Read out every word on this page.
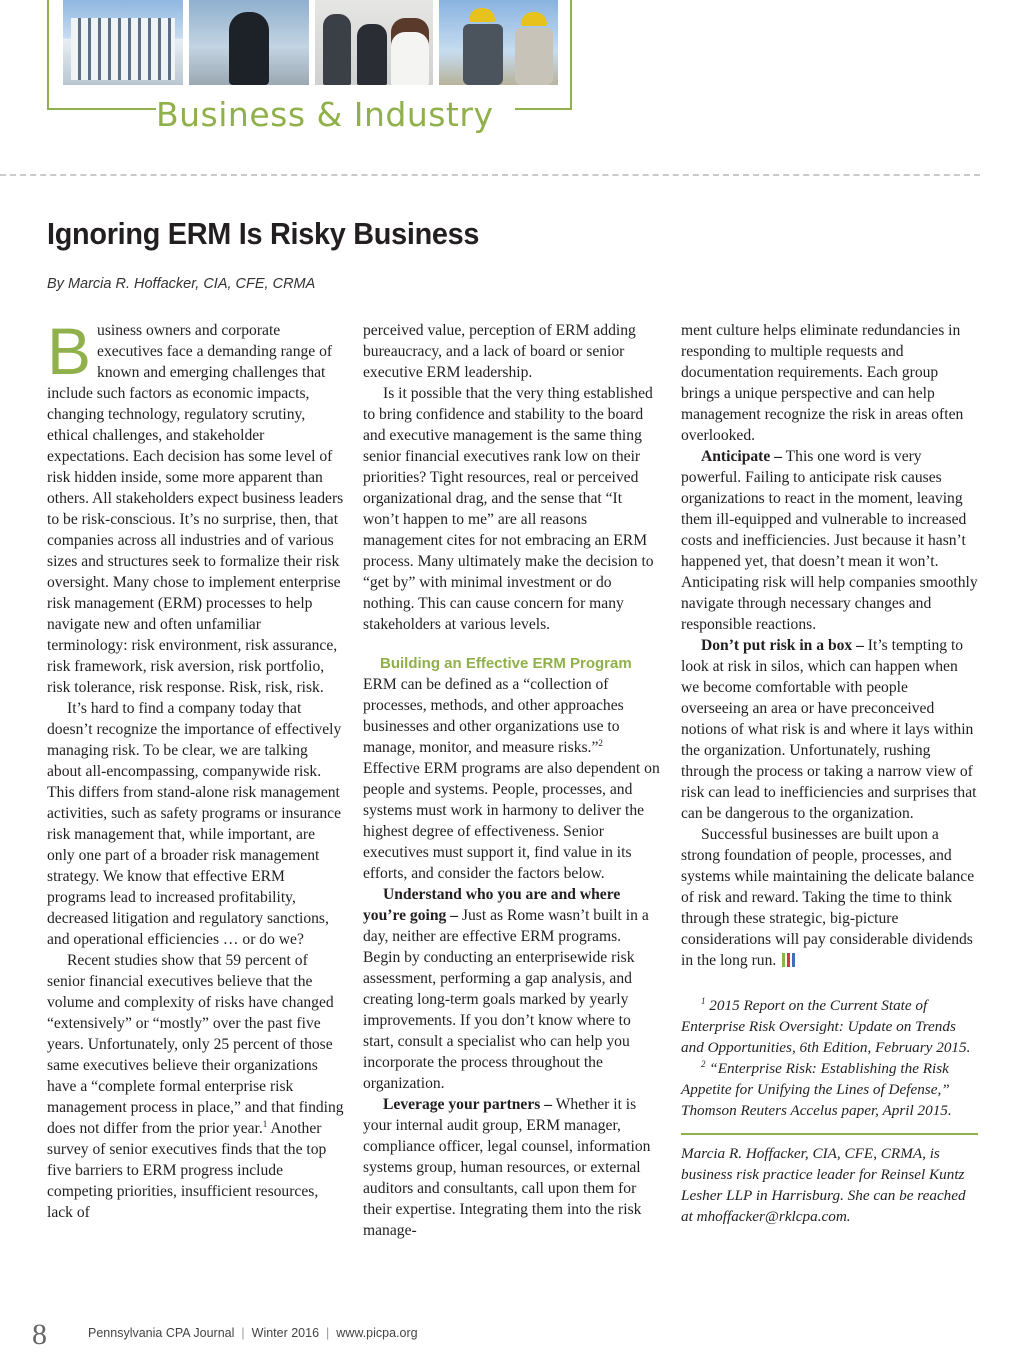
Business & Industry
Ignoring ERM Is Risky Business

By Marcia R. Hoffacker, CIA, CFE, CRMA

Business owners and corporate executives face a demanding range of known and emerging challenges that include such factors as economic impacts, changing technology, regulatory scrutiny, ethical challenges, and stakeholder expectations. Each decision has some level of risk hidden inside, some more apparent than others. All stakeholders expect business leaders to be risk-conscious. It’s no surprise, then, that companies across all industries and of various sizes and structures seek to formalize their risk oversight. Many chose to implement enterprise risk management (ERM) processes to help navigate new and often unfamiliar terminology: risk environment, risk assurance, risk framework, risk aversion, risk portfolio, risk tolerance, risk response. Risk, risk, risk.

It’s hard to find a company today that doesn’t recognize the importance of effectively managing risk. To be clear, we are talking about all-encompassing, companywide risk. This differs from stand-alone risk management activities, such as safety programs or insurance risk management that, while important, are only one part of a broader risk management strategy. We know that effective ERM programs lead to increased profitability, decreased litigation and regulatory sanctions, and operational efficiencies … or do we?

Recent studies show that 59 percent of senior financial executives believe that the volume and complexity of risks have changed “extensively” or “mostly” over the past five years. Unfortunately, only 25 percent of those same executives believe their organizations have a “complete formal enterprise risk management process in place,” and that finding does not differ from the prior year.$^1$ Another survey of senior executives finds that the top five barriers to ERM progress include competing priorities, insufficient resources, lack of

perceived value, perception of ERM adding bureaucracy, and a lack of board or senior executive ERM leadership.

Is it possible that the very thing established to bring confidence and stability to the board and executive management is the same thing senior financial executives rank low on their priorities? Tight resources, real or perceived organizational drag, and the sense that “It won’t happen to me” are all reasons management cites for not embracing an ERM process. Many ultimately make the decision to “get by” with minimal investment or do nothing. This can cause concern for many stakeholders at various levels.

Building an Effective ERM Program

ERM can be defined as a “collection of processes, methods, and other approaches businesses and other organizations use to manage, monitor, and measure risks.”$^2$ Effective ERM programs are also dependent on people and systems. People, processes, and systems must work in harmony to deliver the highest degree of effectiveness. Senior executives must support it, find value in its efforts, and consider the factors below.

Understand who you are and where you’re going – Just as Rome wasn’t built in a day, neither are effective ERM programs. Begin by conducting an enterprisewide risk assessment, performing a gap analysis, and creating long-term goals marked by yearly improvements. If you don’t know where to start, consult a specialist who can help you incorporate the process throughout the organization.

Leverage your partners – Whether it is your internal audit group, ERM manager, compliance officer, legal counsel, information systems group, human resources, or external auditors and consultants, call upon them for their expertise. Integrating them into the risk manage-

ment culture helps eliminate redundancies in responding to multiple requests and documentation requirements. Each group brings a unique perspective and can help management recognize the risk in areas often overlooked.

Anticipate – This one word is very powerful. Failing to anticipate risk causes organizations to react in the moment, leaving them ill-equipped and vulnerable to increased costs and inefficiencies. Just because it hasn’t happened yet, that doesn’t mean it won’t. Anticipating risk will help companies smoothly navigate through necessary changes and responsible reactions.

Don’t put risk in a box – It’s tempting to look at risk in silos, which can happen when we become comfortable with people overseeing an area or have preconceived notions of what risk is and where it lays within the organization. Unfortunately, rushing through the process or taking a narrow view of risk can lead to inefficiencies and surprises that can be dangerous to the organization.

Successful businesses are built upon a strong foundation of people, processes, and systems while maintaining the delicate balance of risk and reward. Taking the time to think through these strategic, big-picture considerations will pay considerable dividends in the long run.

$^1$ 2015 Report on the Current State of Enterprise Risk Oversight: Update on Trends and Opportunities, 6th Edition, February 2015.

$^2$ “Enterprise Risk: Establishing the Risk Appetite for Unifying the Lines of Defense,” Thomson Reuters Accelus paper, April 2015.

Marcia R. Hoffacker, CIA, CFE, CRMA, is business risk practice leader for Reinsel Kuntz Lesher LLP in Harrisburg. She can be reached at mhoffacker@rklcpa.com.

8	Pennsylvania CPA Journal | Winter 2016 | www.picpa.org
